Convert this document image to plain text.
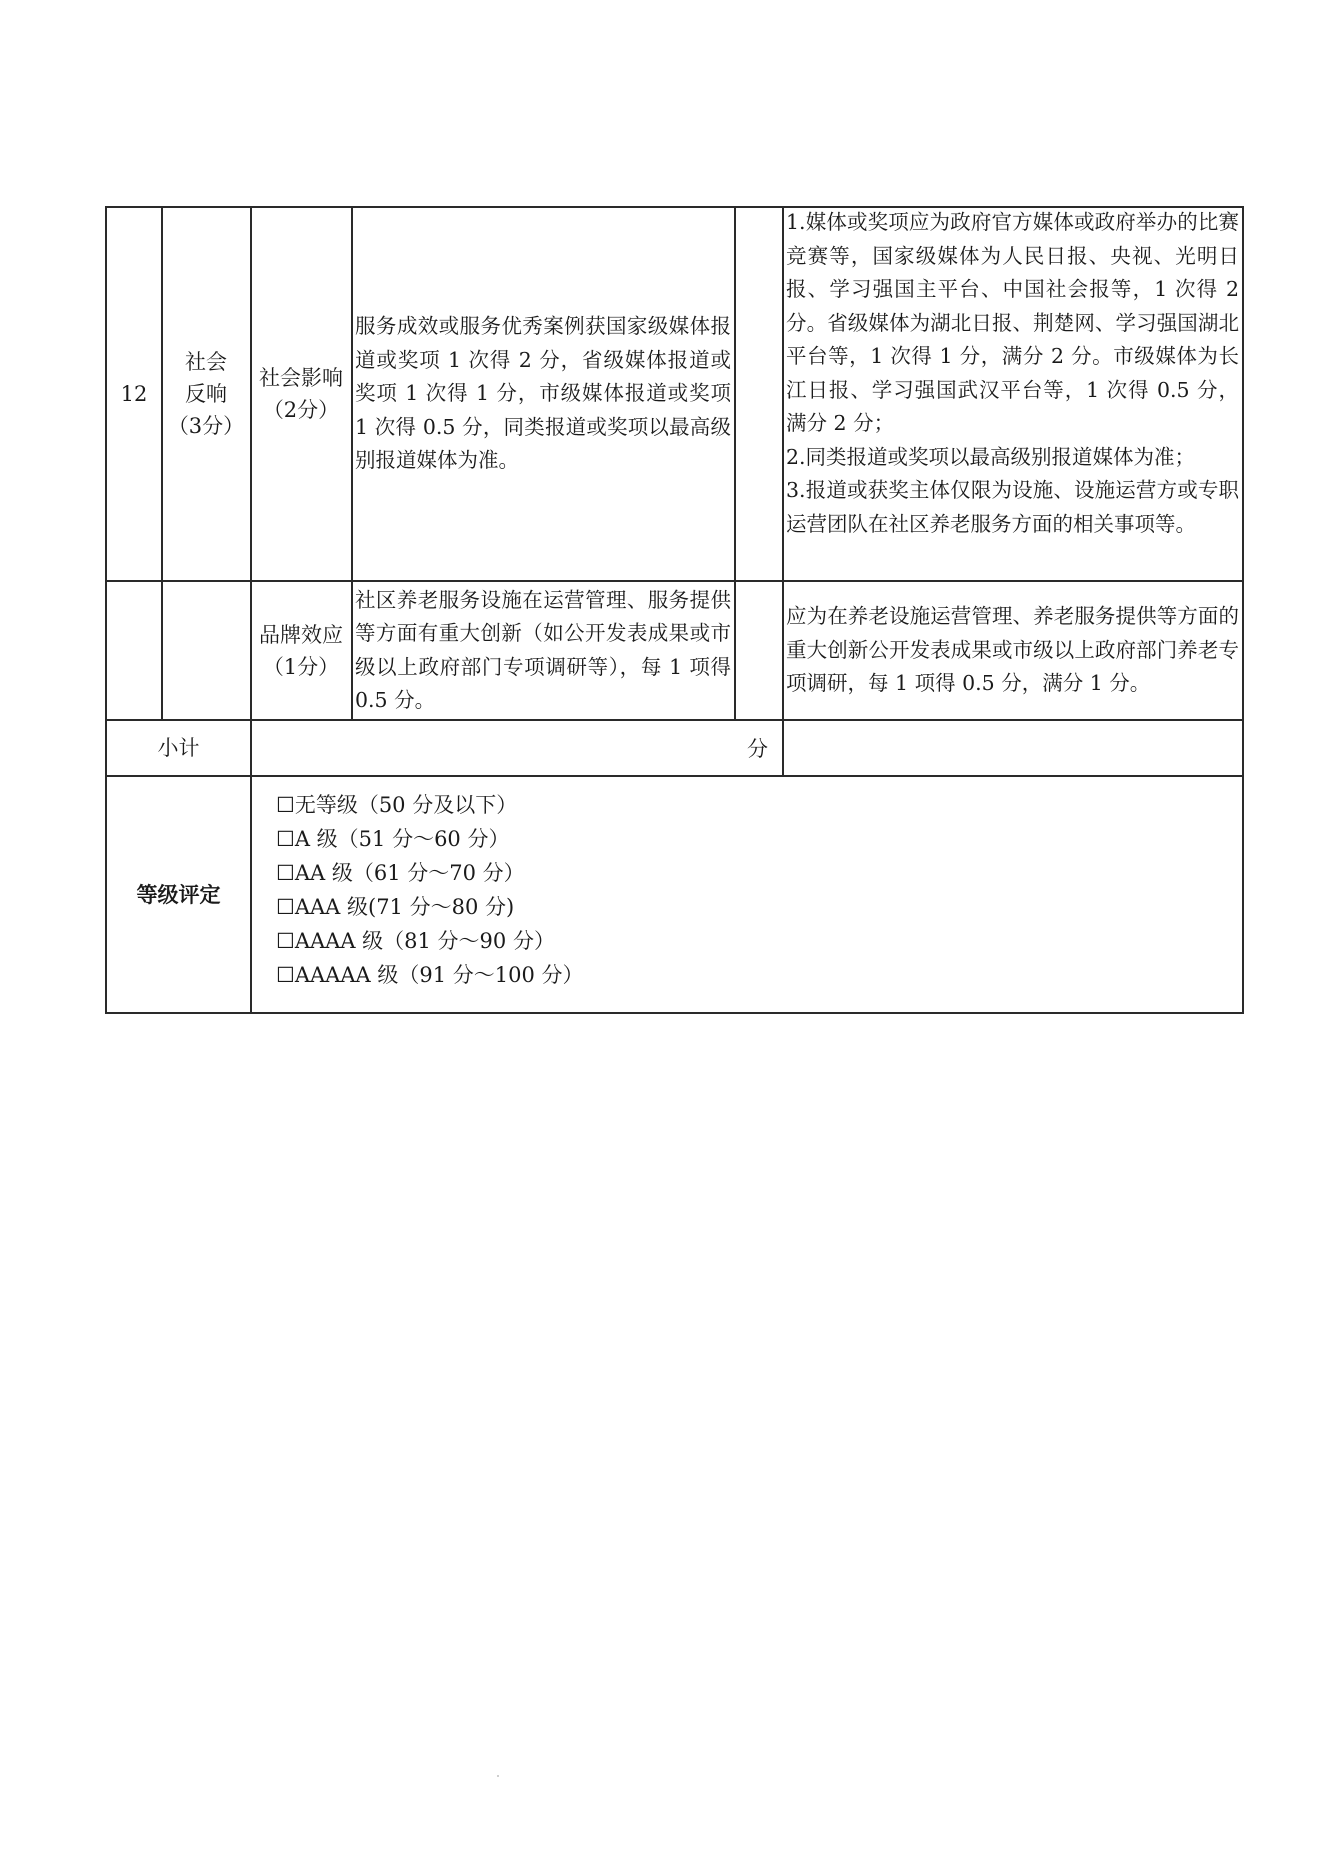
12
社会
反响
（3分）
社会影响
（2分）
服务成效或服务优秀案例获国家级媒体报道或奖项 1 次得 2 分，省级媒体报道或奖项 1 次得 1 分，市级媒体报道或奖项 1 次得 0.5 分，同类报道或奖项以最高级别报道媒体为准。
1.媒体或奖项应为政府官方媒体或政府举办的比赛竞赛等，国家级媒体为人民日报、央视、光明日报、学习强国主平台、中国社会报等，1 次得 2 分。省级媒体为湖北日报、荆楚网、学习强国湖北平台等，1 次得 1 分，满分 2 分。市级媒体为长江日报、学习强国武汉平台等，1 次得 0.5 分，满分 2 分；
2.同类报道或奖项以最高级别报道媒体为准；
3.报道或获奖主体仅限为设施、设施运营方或专职运营团队在社区养老服务方面的相关事项等。
品牌效应
（1分）
社区养老服务设施在运营管理、服务提供等方面有重大创新（如公开发表成果或市级以上政府部门专项调研等），每 1 项得 0.5 分。
应为在养老设施运营管理、养老服务提供等方面的重大创新公开发表成果或市级以上政府部门养老专项调研，每 1 项得 0.5 分，满分 1 分。
小计	分
等级评定
☐无等级（50 分及以下）
☐A 级（51 分～60 分）
☐AA 级（61 分～70 分）
☐AAA 级(71 分～80 分)
☐AAAA 级（81 分～90 分）
☐AAAAA 级（91 分～100 分）
